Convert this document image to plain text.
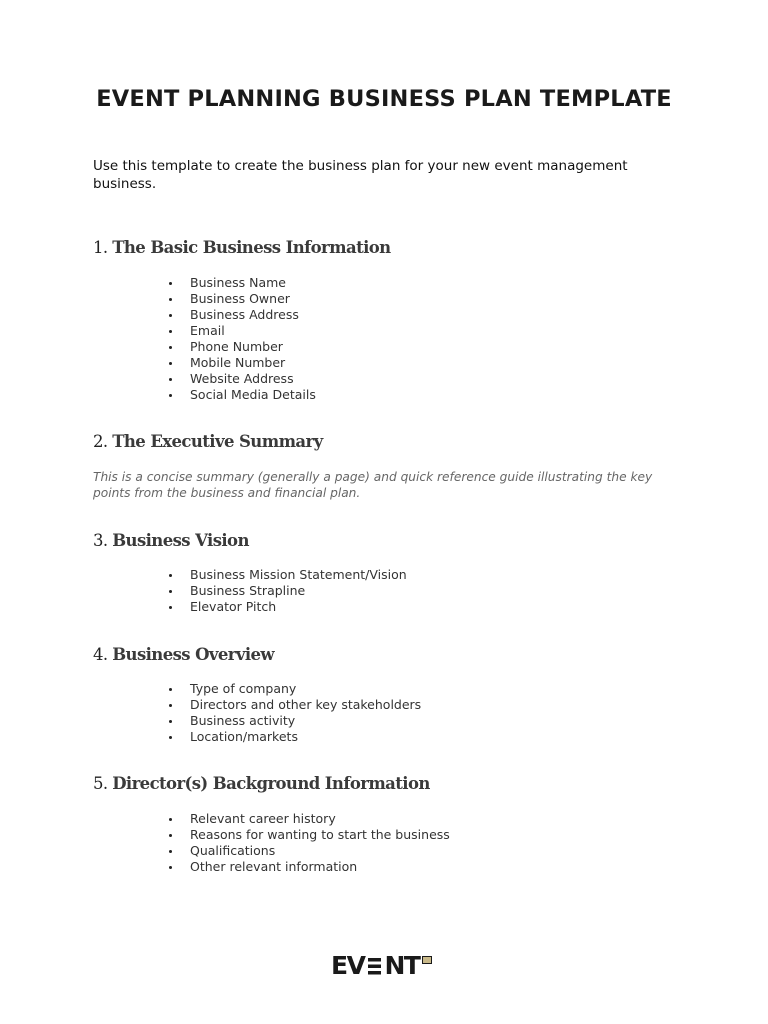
EVENT PLANNING BUSINESS PLAN TEMPLATE

Use this template to create the business plan for your new event management business.

1. The Basic Business Information
Business Name
Business Owner
Business Address
Email
Phone Number
Mobile Number
Website Address
Social Media Details
2. The Executive Summary

This is a concise summary (generally a page) and quick reference guide illustrating the key points from the business and financial plan.

3. Business Vision
Business Mission Statement/Vision
Business Strapline
Elevator Pitch
4. Business Overview
Type of company
Directors and other key stakeholders
Business activity
Location/markets
5. Director(s) Background Information
Relevant career history
Reasons for wanting to start the business
Qualifications
Other relevant information
EV NT
